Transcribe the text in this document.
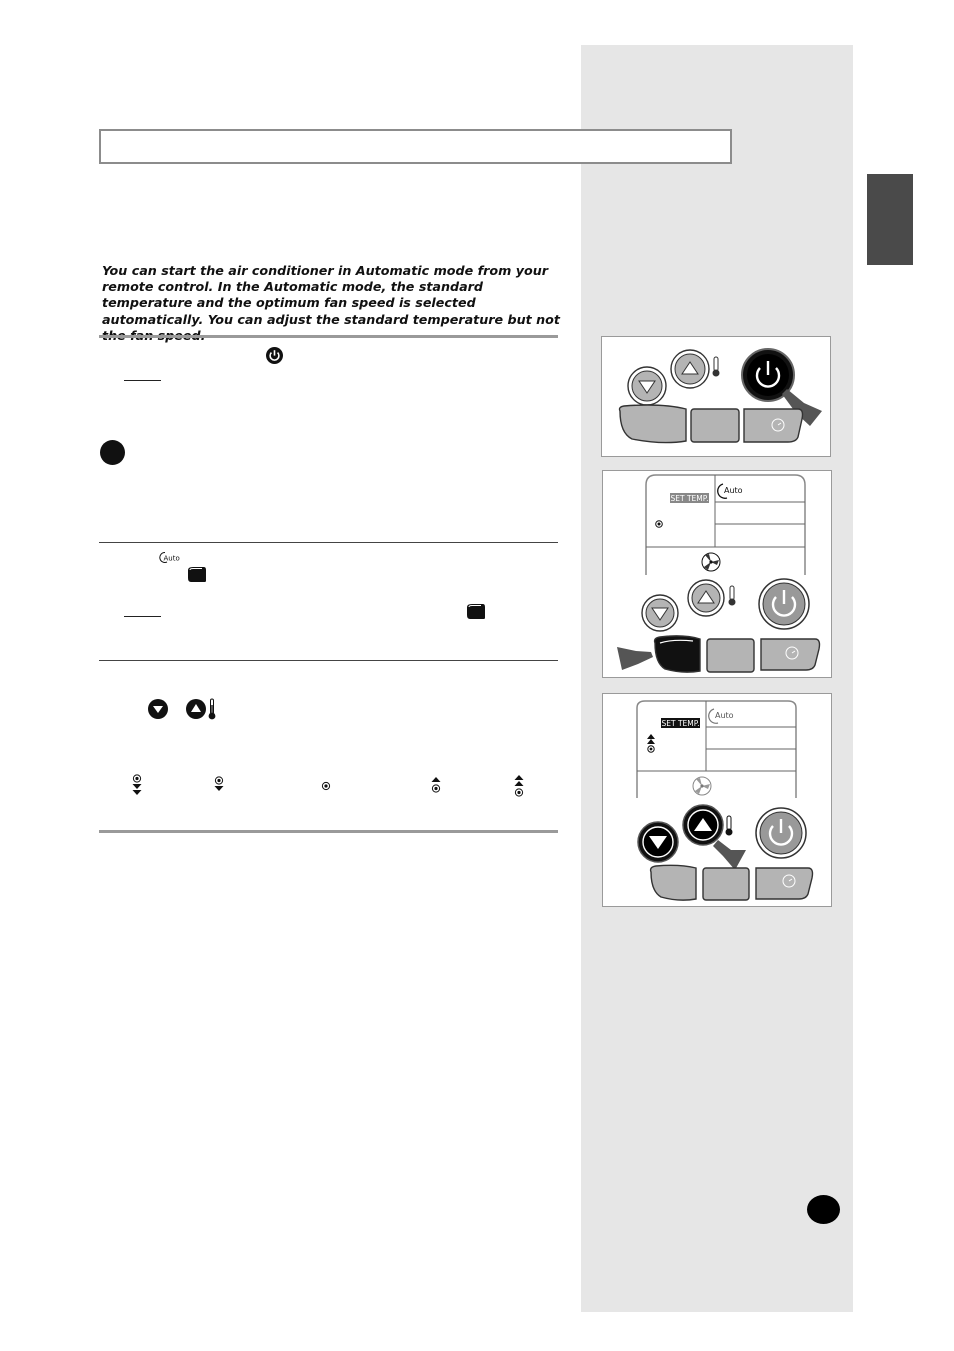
You can start the air conditioner in Automatic mode from your remote control. In the Automatic mode, the standard temperature and the optimum fan speed is selected automatically. You can adjust the standard temperature but not

Auto
SET TEMP.
Auto
SET TEMP.
Auto
